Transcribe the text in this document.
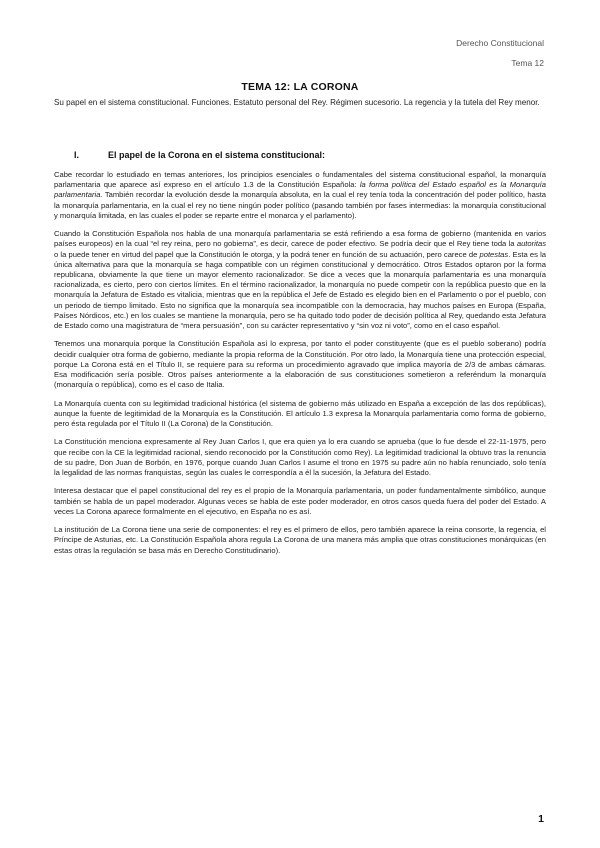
Derecho Constitucional
Tema 12
TEMA 12: LA CORONA
Su papel en el sistema constitucional. Funciones. Estatuto personal del Rey. Régimen sucesorio. La regencia y la tutela del Rey menor.
I.	El papel de la Corona en el sistema constitucional:

Cabe recordar lo estudiado en temas anteriores, los principios esenciales o fundamentales del sistema constitucional español, la monarquía parlamentaria que aparece así expreso en el artículo 1.3 de la Constitución Española: la forma política del Estado español es la Monarquía parlamentaria. También recordar la evolución desde la monarquía absoluta, en la cual el rey tenía toda la concentración del poder político, hasta la monarquía parlamentaria, en la cual el rey no tiene ningún poder político (pasando también por fases intermedias: la monarquía constitucional y monarquía limitada, en las cuales el poder se reparte entre el monarca y el parlamento).

Cuando la Constitución Española nos habla de una monarquía parlamentaria se está refiriendo a esa forma de gobierno (mantenida en varios países europeos) en la cual “el rey reina, pero no gobierna”, es decir, carece de poder efectivo. Se podría decir que el Rey tiene toda la autoritas o la puede tener en virtud del papel que la Constitución le otorga, y la podrá tener en función de su actuación, pero carece de potestas. Esta es la única alternativa para que la monarquía se haga compatible con un régimen constitucional y democrático. Otros Estados optaron por la forma republicana, obviamente la que tiene un mayor elemento racionalizador. Se dice a veces que la monarquía parlamentaria es una monarquía racionalizada, es cierto, pero con ciertos límites. En el término racionalizador, la monarquía no puede competir con la república puesto que en la monarquía la Jefatura de Estado es vitalicia, mientras que en la república el Jefe de Estado es elegido bien en el Parlamento o por el pueblo, con un periodo de tiempo limitado. Esto no significa que la monarquía sea incompatible con la democracia, hay muchos países en Europa (España, Países Nórdicos, etc.) en los cuales se mantiene la monarquía, pero se ha quitado todo poder de decisión política al Rey, quedando esta Jefatura de Estado como una magistratura de “mera persuasión”, con su carácter representativo y “sin voz ni voto”, como en el caso español.

Tenemos una monarquía porque la Constitución Española así lo expresa, por tanto el poder constituyente (que es el pueblo soberano) podría decidir cualquier otra forma de gobierno, mediante la propia reforma de la Constitución. Por otro lado, la Monarquía tiene una protección especial, porque La Corona está en el Título II, se requiere para su reforma un procedimiento agravado que implica mayoría de 2/3 de ambas cámaras. Esa modificación sería posible. Otros países anteriormente a la elaboración de sus constituciones sometieron a referéndum la monarquía (monarquía o república), como es el caso de Italia.

La Monarquía cuenta con su legitimidad tradicional histórica (el sistema de gobierno más utilizado en España a excepción de las dos repúblicas), aunque la fuente de legitimidad de la Monarquía es la Constitución. El artículo 1.3 expresa la Monarquía parlamentaria como forma de gobierno, pero ésta regulada por el Título II (La Corona) de la Constitución.

La Constitución menciona expresamente al Rey Juan Carlos I, que era quien ya lo era cuando se aprueba (que lo fue desde el 22-11-1975, pero que recibe con la CE la legitimidad racional, siendo reconocido por la Constitución como Rey). La legitimidad tradicional la obtuvo tras la renuncia de su padre, Don Juan de Borbón, en 1976, porque cuando Juan Carlos I asume el trono en 1975 su padre aún no había renunciado, solo tenía la legalidad de las normas franquistas, según las cuales le correspondía a él la sucesión, la Jefatura del Estado.

Interesa destacar que el papel constitucional del rey es el propio de la Monarquía parlamentaria, un poder fundamentalmente simbólico, aunque también se habla de un papel moderador. Algunas veces se habla de este poder moderador, en otros casos queda fuera del poder del Estado. A veces La Corona aparece formalmente en el ejecutivo, en España no es así.

La institución de La Corona tiene una serie de componentes: el rey es el primero de ellos, pero también aparece la reina consorte, la regencia, el Príncipe de Asturias, etc. La Constitución Española ahora regula La Corona de una manera más amplia que otras constituciones monárquicas (en estas otras la regulación se basa más en Derecho Constitudinario).

1
